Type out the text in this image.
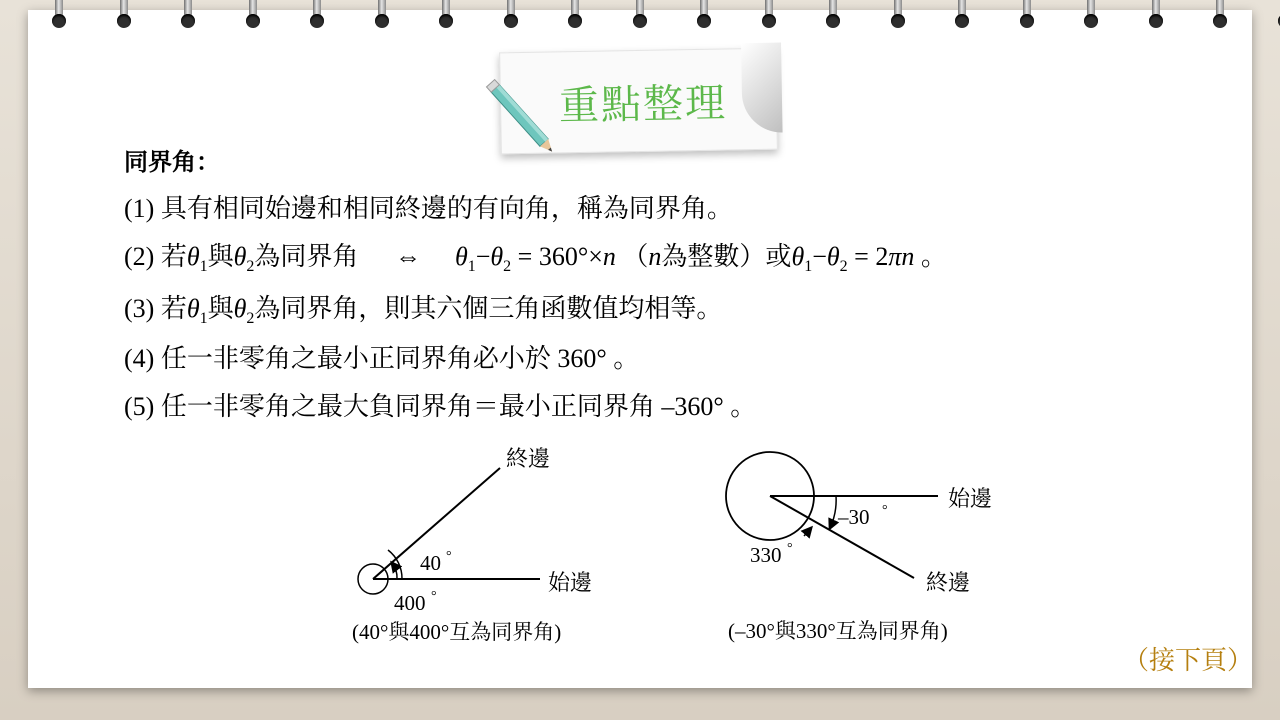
重點整理
同界角：
(1) 具有相同始邊和相同終邊的有向角，稱為同界角。
(2) 若$\theta_1$與$\theta_2$為同界角 ⇔ $\theta_1-\theta_2 = 360^\circ\times n$ （n為整數）或$\theta_1-\theta_2 = 2\pi n$ 。
(3) 若$\theta_1$與$\theta_2$為同界角，則其六個三角函數值均相等。
(4) 任一非零角之最小正同界角必小於 360° 。
(5) 任一非零角之最大負同界角＝最小正同界角 –360° 。
終邊
始邊
40 °
400 °
(40°與400°互為同界角)
始邊
終邊
–30 °
330 °
(–30°與330°互為同界角)
（接下頁）
